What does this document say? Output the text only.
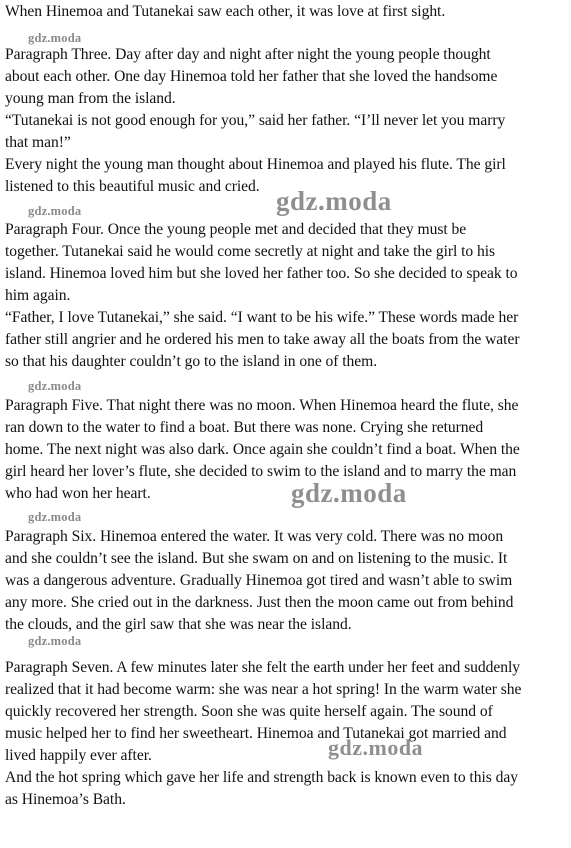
When Hinemoa and Tutanekai saw each other, it was love at first sight.
Paragraph Three. Day after day and night after night the young people thought
about each other. One day Hinemoa told her father that she loved the handsome
young man from the island.
“Tutanekai is not good enough for you,” said her father. “I’ll never let you marry
that man!”
Every night the young man thought about Hinemoa and played his flute. The girl
listened to this beautiful music and cried.
Paragraph Four. Once the young people met and decided that they must be
together. Tutanekai said he would come secretly at night and take the girl to his
island. Hinemoa loved him but she loved her father too. So she decided to speak to
him again.
“Father, I love Tutanekai,” she said. “I want to be his wife.” These words made her
father still angrier and he ordered his men to take away all the boats from the water
so that his daughter couldn’t go to the island in one of them.
Paragraph Five. That night there was no moon. When Hinemoa heard the flute, she
ran down to the water to find a boat. But there was none. Crying she returned
home. The next night was also dark. Once again she couldn’t find a boat. When the
girl heard her lover’s flute, she decided to swim to the island and to marry the man
who had won her heart.
Paragraph Six. Hinemoa entered the water. It was very cold. There was no moon
and she couldn’t see the island. But she swam on and on listening to the music. It
was a dangerous adventure. Gradually Hinemoa got tired and wasn’t able to swim
any more. She cried out in the darkness. Just then the moon came out from behind
the clouds, and the girl saw that she was near the island.
Paragraph Seven. A few minutes later she felt the earth under her feet and suddenly
realized that it had become warm: she was near a hot spring! In the warm water she
quickly recovered her strength. Soon she was quite herself again. The sound of
music helped her to find her sweetheart. Hinemoa and Tutanekai got married and
lived happily ever after.
And the hot spring which gave her life and strength back is known even to this day
as Hinemoa’s Bath.
gdz.moda
gdz.moda
gdz.moda
gdz.moda
gdz.moda
gdz.moda
gdz.moda
gdz.moda
